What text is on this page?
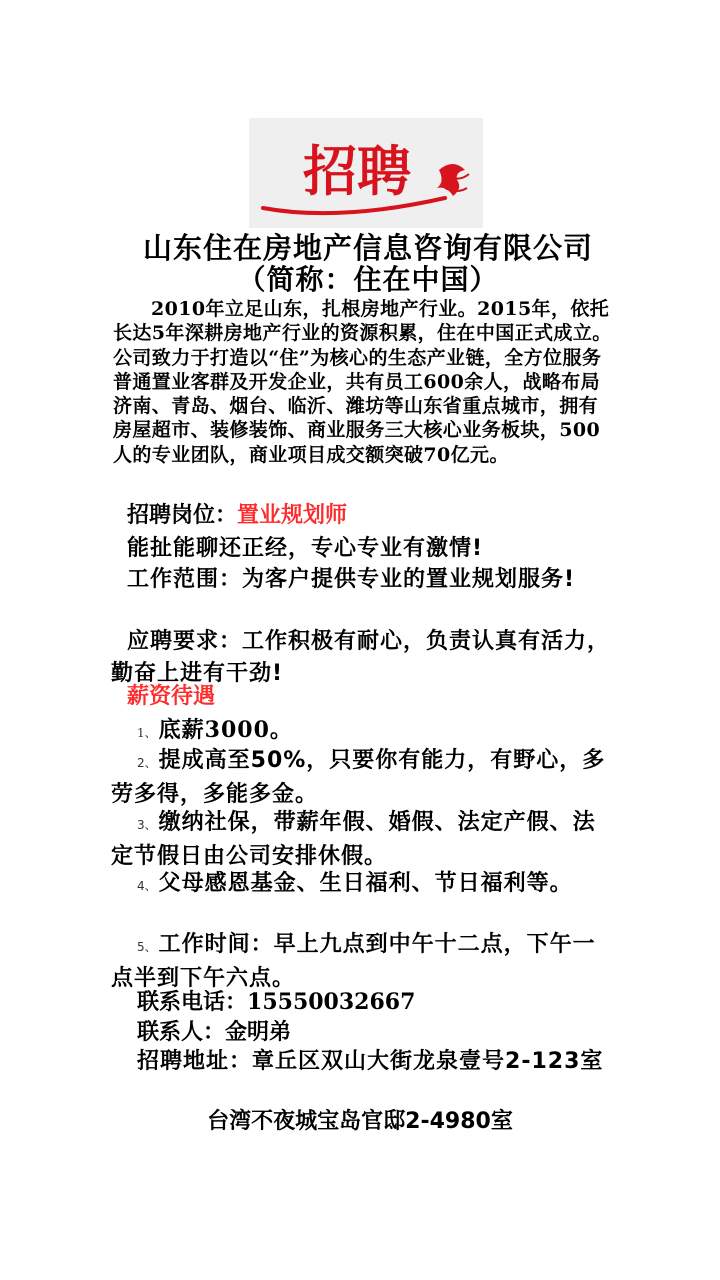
招聘
山东住在房地产信息咨询有限公司
（简称：住在中国）
2010年立足山东，扎根房地产行业。2015年，依托长达5年深耕房地产行业的资源积累，住在中国正式成立。公司致力于打造以“住”为核心的生态产业链，全方位服务普通置业客群及开发企业，共有员工600余人，战略布局济南、青岛、烟台、临沂、潍坊等山东省重点城市，拥有房屋超市、装修装饰、商业服务三大核心业务板块，500人的专业团队，商业项目成交额突破70亿元。
招聘岗位：置业规划师
能扯能聊还正经，专心专业有激情!
工作范围：为客户提供专业的置业规划服务!
应聘要求：工作积极有耐心，负责认真有活力，勤奋上进有干劲!
薪资待遇
1、底薪3000。
2、提成高至50%，只要你有能力，有野心，多劳多得，多能多金。
3、缴纳社保，带薪年假、婚假、法定产假、法定节假日由公司安排休假。
4、父母感恩基金、生日福利、节日福利等。
5、工作时间：早上九点到中午十二点，下午一点半到下午六点。
联系电话：15550032667
联系人：金明弟
招聘地址：章丘区双山大街龙泉壹号2-123室
台湾不夜城宝岛官邸2-4980室
